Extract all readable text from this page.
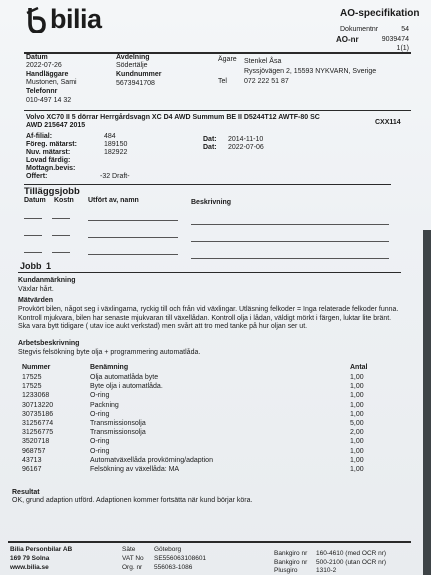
bilia	AO-specifikation
Dokumentnr	54
AO-nr	9039474
1(1)
Datum
2022-07-26
Handläggare
Mustonen, Sami
Telefonnr
010-497 14 32
Avdelning
Södertälje
Kundnummer
5673941708
Ägare Stenkel Åsa
Ryssjövägen 2, 15593 NYKVARN, Sverige
Tel 072 222 51 87
Volvo XC70 II 5 dörrar Herrgårdsvagn XC D4 AWD Summum BE II D5244T12 AWTF-80 SC
AWD 215647 2015	CXX114
Af-filial:	484
Föreg. mätarst:	189150
Nuv. mätarst:	182922
Lovad färdig:
Mottagn.bevis:
Offert:	-32 Draft-
Dat: 2014-11-10
Dat: 2022-07-06
Tilläggsjobb
Datum Kostn Utfört av, namn	Beskrivning
Jobb 1
Kundanmärkning
Växlar hårt.
Mätvärden
Provkört bilen, något seg i växlingarna, ryckig till och från vid växlingar. Utläsning felkoder = Inga relaterade felkoder funna. Kontroll mjukvara, bilen har senaste mjukvaran till växellådan. Kontroll olja i lådan, väldigt mörkt i färgen, luktar lite bränt. Ska vara bytt tidigare ( utav ice aukt verkstad) men svårt att tro med tanke på hur oljan ser ut.
Arbetsbeskrivning
Stegvis felsökning byte olja + programmering automatlåda.
Nummer	Benämning	Antal
17525	Olja automatlåda byte	1,00
17525	Byte olja i automatlåda.	1,00
1233068	O-ring	1,00
30713220	Packning	1,00
30735186	O-ring	1,00
31256774	Transmissionsolja	5,00
31256775	Transmissionsolja	2,00
3520718	O-ring	1,00
968757	O-ring	1,00
43713	Automatväxellåda provkörning/adaption	1,00
96167	Felsökning av växellåda: MA	1,00
Resultat
OK, grund adaption utförd. Adaptionen kommer fortsätta när kund börjar köra.
Bilia Personbilar AB
169 79 Solna
www.bilia.se
Säte	Göteborg
VAT No SE556063108601
Org. nr 556063-1086
Bankgiro nr 160-4610 (med OCR nr)
Bankgiro nr 500-2100 (utan OCR nr)
Plusgiro	1310-2
